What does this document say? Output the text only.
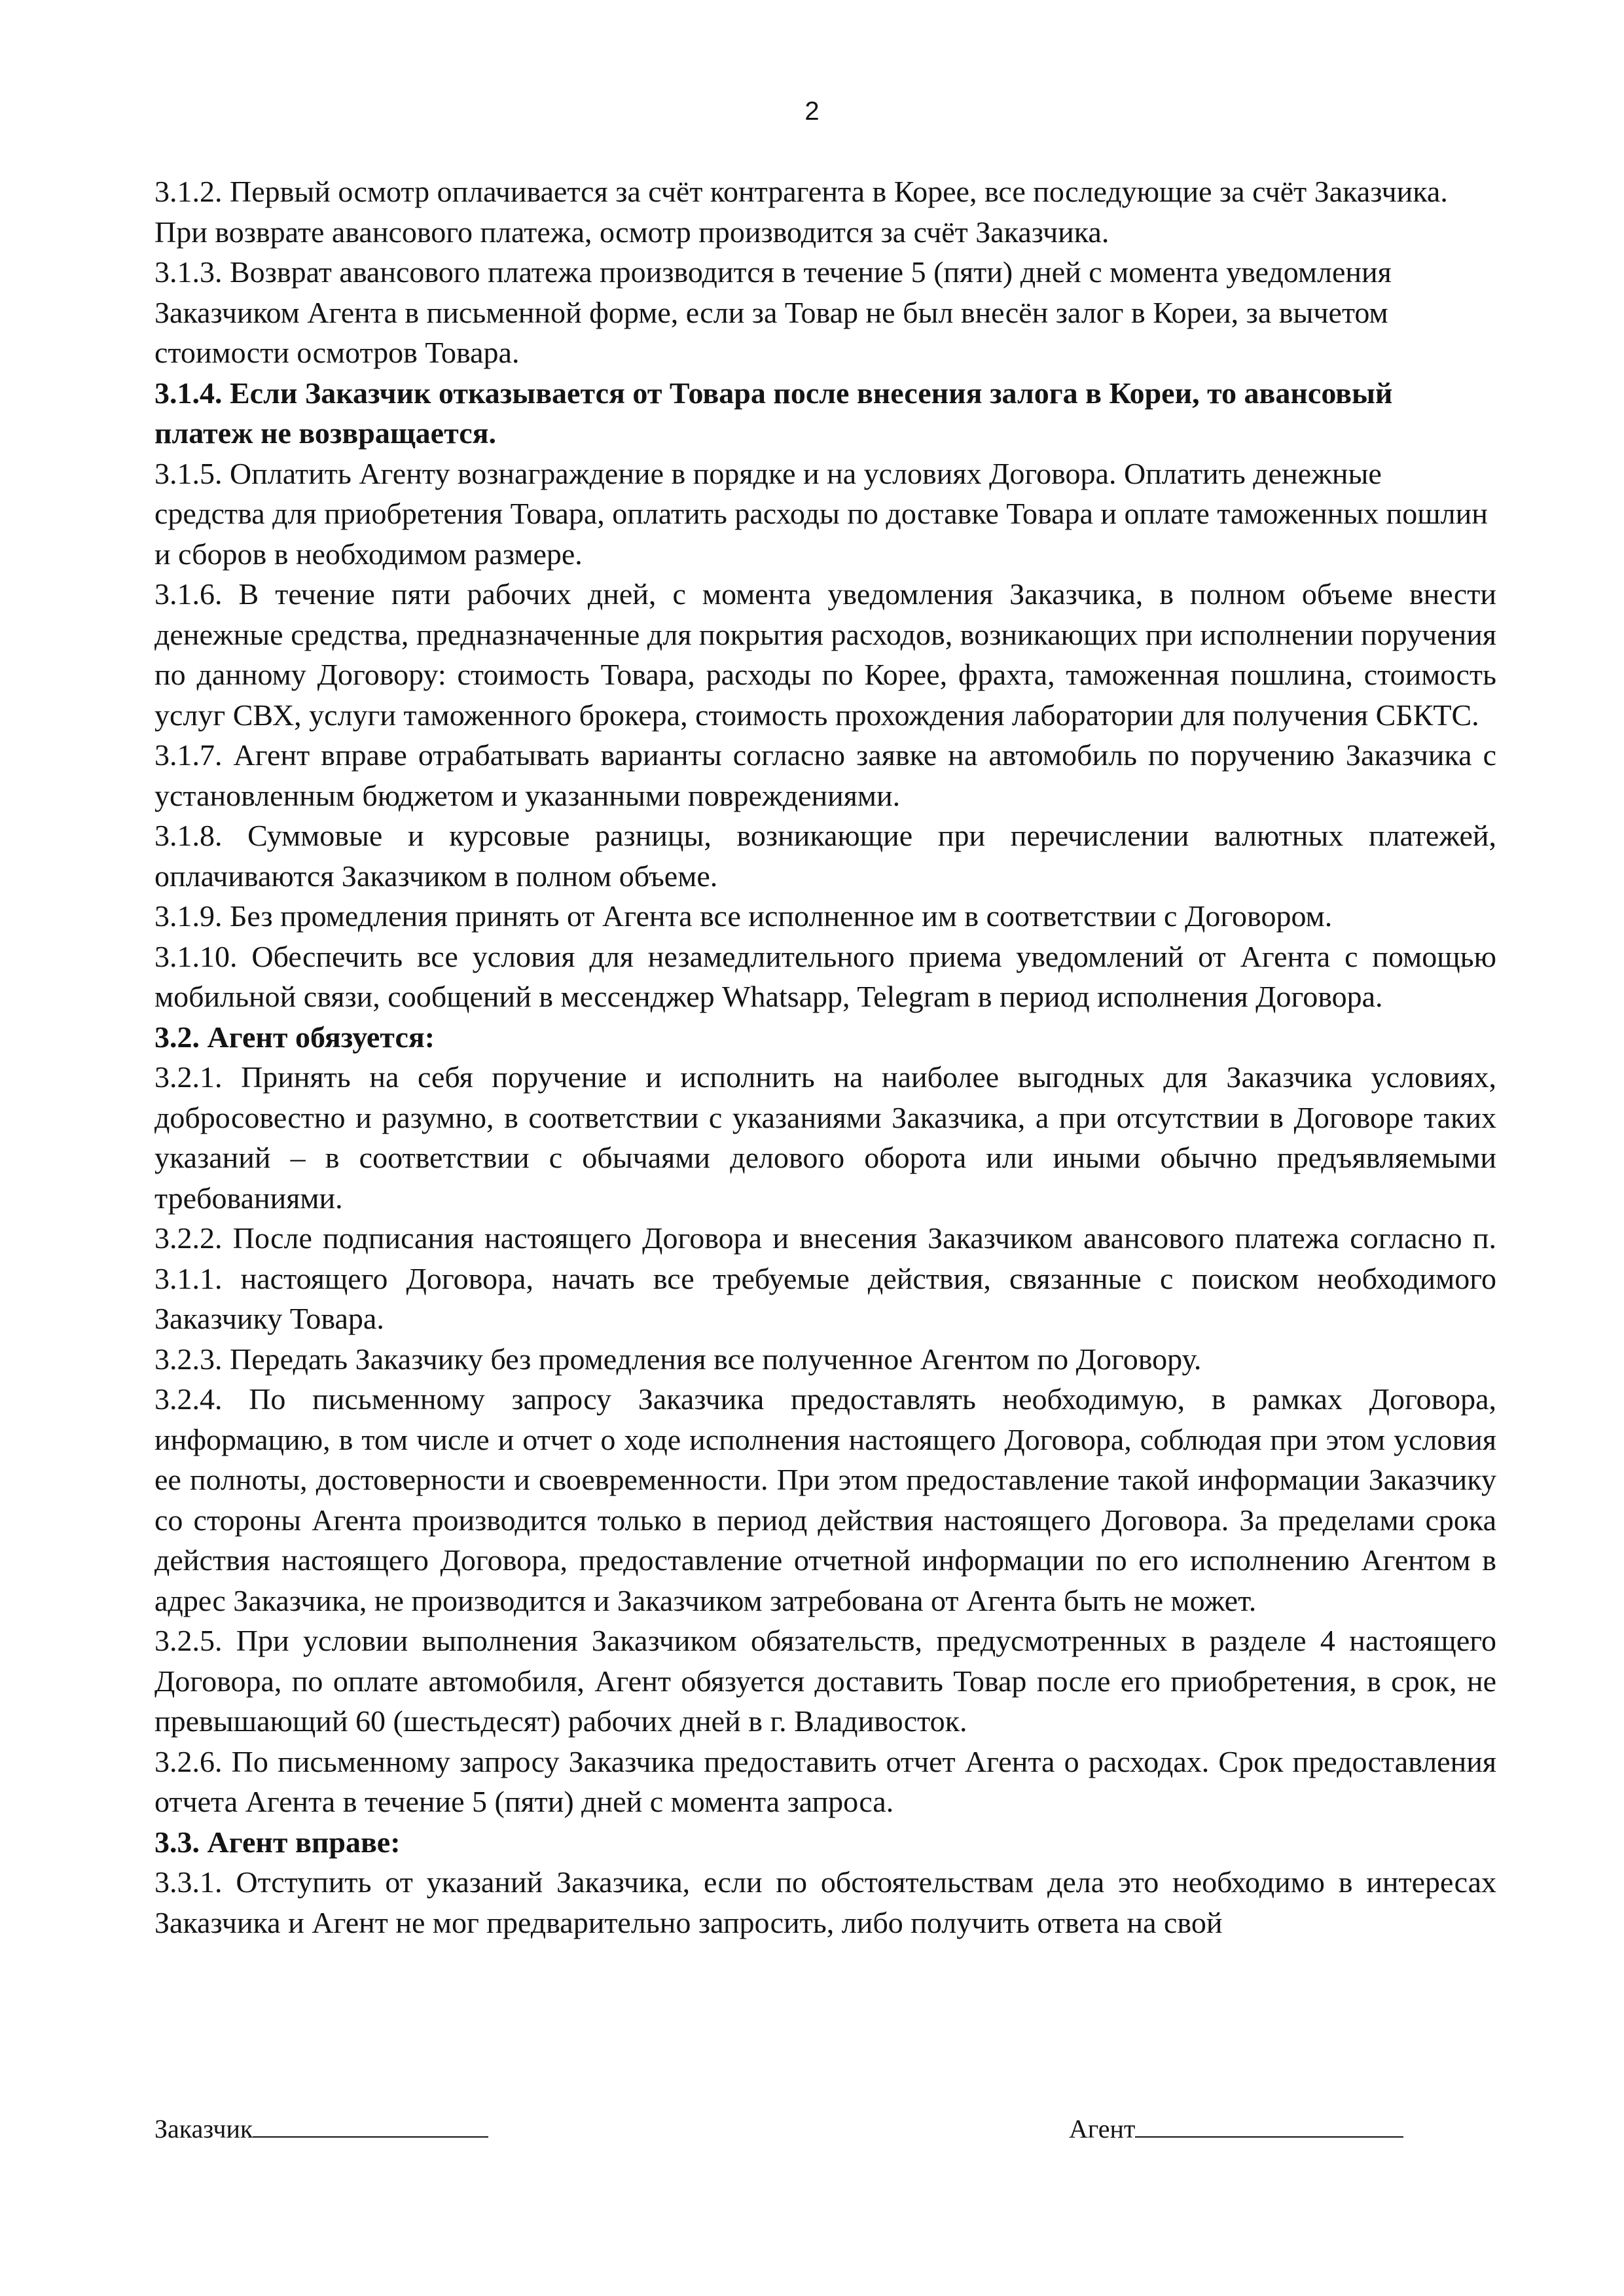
2

3.1.2. Первый осмотр оплачивается за счёт контрагента в Корее, все последующие за счёт Заказчика. При возврате авансового платежа, осмотр производится за счёт Заказчика.

3.1.3. Возврат авансового платежа производится в течение 5 (пяти) дней с момента уведомления Заказчиком Агента в письменной форме, если за Товар не был внесён залог в Кореи, за вычетом стоимости осмотров Товара.

3.1.4. Если Заказчик отказывается от Товара после внесения залога в Кореи, то авансовый платеж не возвращается.

3.1.5. Оплатить Агенту вознаграждение в порядке и на условиях Договора. Оплатить денежные средства для приобретения Товара, оплатить расходы по доставке Товара и оплате таможенных пошлин и сборов в необходимом размере.

3.1.6. В течение пяти рабочих дней, с момента уведомления Заказчика, в полном объеме внести денежные средства, предназначенные для покрытия расходов, возникающих при исполнении поручения по данному Договору: стоимость Товара, расходы по Корее, фрахта, таможенная пошлина, стоимость услуг СВХ, услуги таможенного брокера, стоимость прохождения лаборатории для получения СБКТС.

3.1.7. Агент вправе отрабатывать варианты согласно заявке на автомобиль по поручению Заказчика с установленным бюджетом и указанными повреждениями.

3.1.8. Суммовые и курсовые разницы, возникающие при перечислении валютных платежей, оплачиваются Заказчиком в полном объеме.

3.1.9. Без промедления принять от Агента все исполненное им в соответствии с Договором.

3.1.10. Обеспечить все условия для незамедлительного приема уведомлений от Агента с помощью мобильной связи, сообщений в мессенджер Whatsapp, Telegram в период исполнения Договора.

3.2. Агент обязуется:

3.2.1. Принять на себя поручение и исполнить на наиболее выгодных для Заказчика условиях, добросовестно и разумно, в соответствии с указаниями Заказчика, а при отсутствии в Договоре таких указаний – в соответствии с обычаями делового оборота или иными обычно предъявляемыми требованиями.

3.2.2. После подписания настоящего Договора и внесения Заказчиком авансового платежа согласно п. 3.1.1. настоящего Договора, начать все требуемые действия, связанные с поиском необходимого Заказчику Товара.

3.2.3. Передать Заказчику без промедления все полученное Агентом по Договору.

3.2.4. По письменному запросу Заказчика предоставлять необходимую, в рамках Договора, информацию, в том числе и отчет о ходе исполнения настоящего Договора, соблюдая при этом условия ее полноты, достоверности и своевременности. При этом предоставление такой информации Заказчику со стороны Агента производится только в период действия настоящего Договора. За пределами срока действия настоящего Договора, предоставление отчетной информации по его исполнению Агентом в адрес Заказчика, не производится и Заказчиком затребована от Агента быть не может.

3.2.5. При условии выполнения Заказчиком обязательств, предусмотренных в разделе 4 настоящего Договора, по оплате автомобиля, Агент обязуется доставить Товар после его приобретения, в срок, не превышающий 60 (шестьдесят) рабочих дней в г. Владивосток.

3.2.6. По письменному запросу Заказчика предоставить отчет Агента о расходах. Срок предоставления отчета Агента в течение 5 (пяти) дней с момента запроса.

3.3. Агент вправе:

3.3.1. Отступить от указаний Заказчика, если по обстоятельствам дела это необходимо в интересах Заказчика и Агент не мог предварительно запросить, либо получить ответа на свой

Заказчик	Агент
